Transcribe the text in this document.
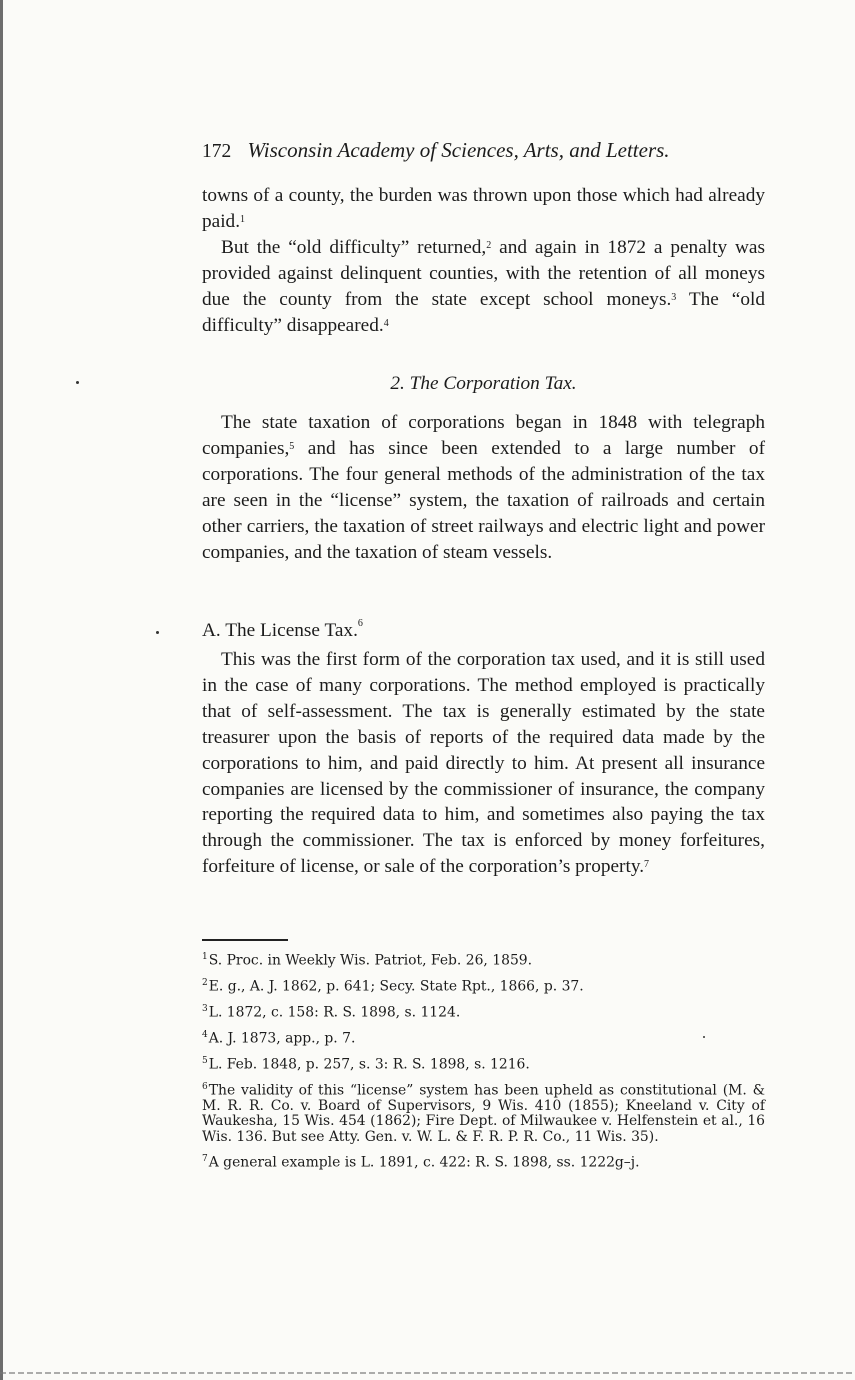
172 Wisconsin Academy of Sciences, Arts, and Letters.

towns of a county, the burden was thrown upon those which had already paid.$^1$

But the “old difficulty” returned,$^2$ and again in 1872 a penalty was provided against delinquent counties, with the retention of all moneys due the county from the state except school moneys.$^3$ The “old difficulty” disappeared.$^4$

2. The Corporation Tax.

The state taxation of corporations began in 1848 with telegraph companies,$^5$ and has since been extended to a large number of corporations. The four general methods of the administration of the tax are seen in the “license” system, the taxation of railroads and certain other carriers, the taxation of street railways and electric light and power companies, and the taxation of steam vessels.

A. The License Tax.$^6$

This was the first form of the corporation tax used, and it is still used in the case of many corporations. The method employed is practically that of self-assessment. The tax is generally estimated by the state treasurer upon the basis of reports of the required data made by the corporations to him, and paid directly to him. At present all insurance companies are licensed by the commissioner of insurance, the company reporting the required data to him, and sometimes also paying the tax through the commissioner. The tax is enforced by money forfeitures, forfeiture of license, or sale of the corporation’s property.$^7$

$^1$S. Proc. in Weekly Wis. Patriot, Feb. 26, 1859.

$^2$E. g., A. J. 1862, p. 641; Secy. State Rpt., 1866, p. 37.

$^3$L. 1872, c. 158: R. S. 1898, s. 1124.

$^4$A. J. 1873, app., p. 7.

$^5$L. Feb. 1848, p. 257, s. 3: R. S. 1898, s. 1216.

$^6$The validity of this “license” system has been upheld as constitutional (M. & M. R. R. Co. v. Board of Supervisors, 9 Wis. 410 (1855); Kneeland v. City of Waukesha, 15 Wis. 454 (1862); Fire Dept. of Milwaukee v. Helfenstein et al., 16 Wis. 136. But see Atty. Gen. v. W. L. & F. R. P. R. Co., 11 Wis. 35).

$^7$A general example is L. 1891, c. 422: R. S. 1898, ss. 1222g–j.
